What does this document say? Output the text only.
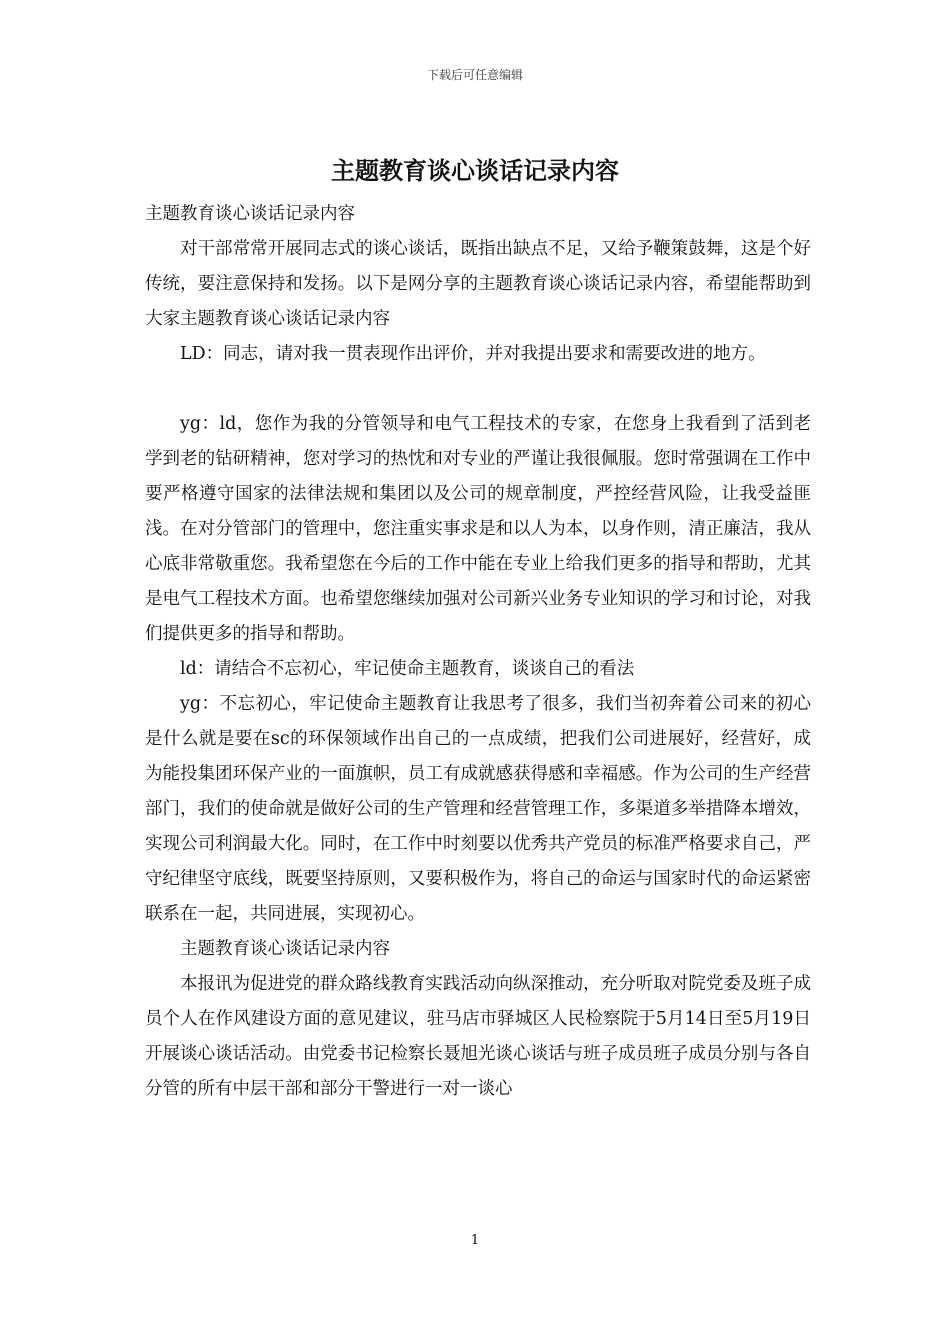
下载后可任意编辑
主题教育谈心谈话记录内容

主题教育谈心谈话记录内容

对干部常常开展同志式的谈心谈话，既指出缺点不足，又给予鞭策鼓舞，这是个好传统，要注意保持和发扬。以下是网分享的主题教育谈心谈话记录内容，希望能帮助到大家主题教育谈心谈话记录内容

LD：同志，请对我一贯表现作出评价，并对我提出要求和需要改进的地方。

yg：ld，您作为我的分管领导和电气工程技术的专家，在您身上我看到了活到老学到老的钻研精神，您对学习的热忱和对专业的严谨让我很佩服。您时常强调在工作中要严格遵守国家的法律法规和集团以及公司的规章制度，严控经营风险，让我受益匪浅。在对分管部门的管理中，您注重实事求是和以人为本，以身作则，清正廉洁，我从心底非常敬重您。我希望您在今后的工作中能在专业上给我们更多的指导和帮助，尤其是电气工程技术方面。也希望您继续加强对公司新兴业务专业知识的学习和讨论，对我们提供更多的指导和帮助。

ld：请结合不忘初心，牢记使命主题教育，谈谈自己的看法

yg：不忘初心，牢记使命主题教育让我思考了很多，我们当初奔着公司来的初心是什么就是要在sc的环保领域作出自己的一点成绩，把我们公司进展好，经营好，成为能投集团环保产业的一面旗帜，员工有成就感获得感和幸福感。作为公司的生产经营部门，我们的使命就是做好公司的生产管理和经营管理工作，多渠道多举措降本增效，实现公司利润最大化。同时，在工作中时刻要以优秀共产党员的标准严格要求自己，严守纪律坚守底线，既要坚持原则，又要积极作为，将自己的命运与国家时代的命运紧密联系在一起，共同进展，实现初心。

主题教育谈心谈话记录内容

本报讯为促进党的群众路线教育实践活动向纵深推动，充分听取对院党委及班子成员个人在作风建设方面的意见建议，驻马店市驿城区人民检察院于5月14日至5月19日开展谈心谈话活动。由党委书记检察长聂旭光谈心谈话与班子成员班子成员分别与各自分管的所有中层干部和部分干警进行一对一谈心

1
